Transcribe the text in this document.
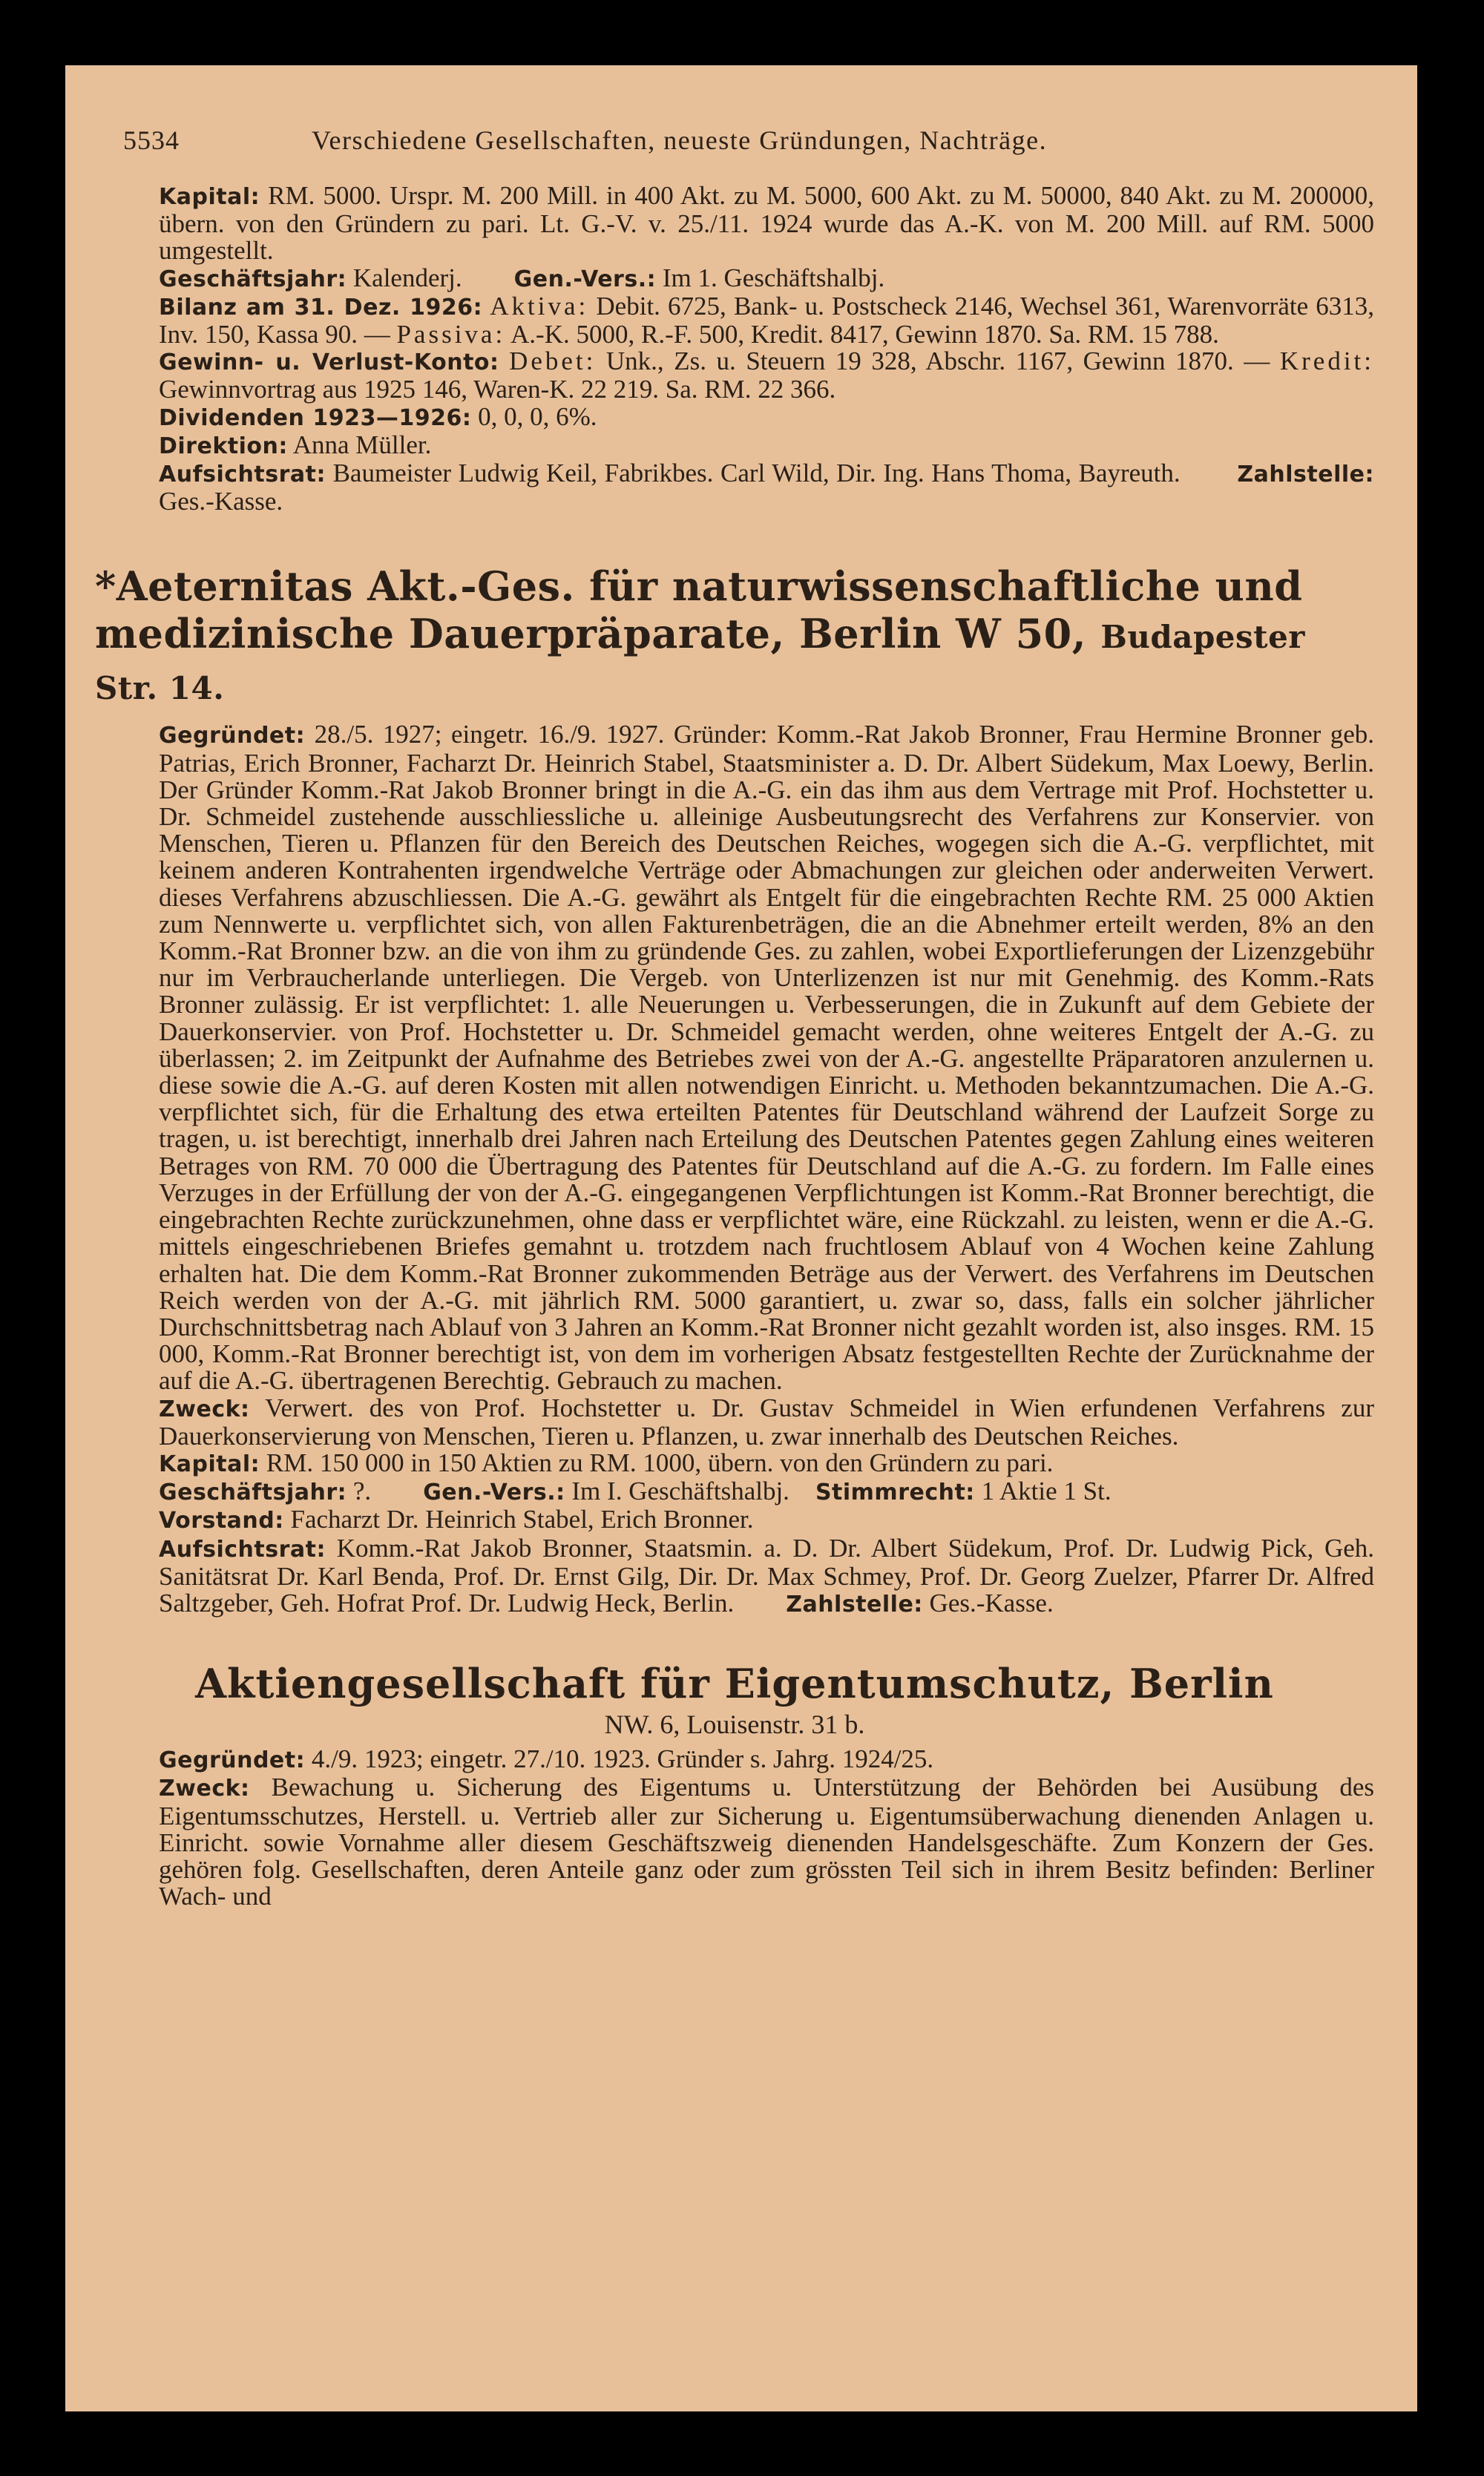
5534	Verschiedene Gesellschaften, neueste Gründungen, Nachträge.

Kapital: RM. 5000. Urspr. M. 200 Mill. in 400 Akt. zu M. 5000, 600 Akt. zu M. 50000, 840 Akt. zu M. 200000, übern. von den Gründern zu pari. Lt. G.-V. v. 25./11. 1924 wurde das A.-K. von M. 200 Mill. auf RM. 5000 umgestellt.

Geschäftsjahr: Kalenderj. Gen.-Vers.: Im 1. Geschäftshalbj.

Bilanz am 31. Dez. 1926: Aktiva: Debit. 6725, Bank- u. Postscheck 2146, Wechsel 361, Warenvorräte 6313, Inv. 150, Kassa 90. — Passiva: A.-K. 5000, R.-F. 500, Kredit. 8417, Gewinn 1870. Sa. RM. 15 788.

Gewinn- u. Verlust-Konto: Debet: Unk., Zs. u. Steuern 19 328, Abschr. 1167, Gewinn 1870. — Kredit: Gewinnvortrag aus 1925 146, Waren-K. 22 219. Sa. RM. 22 366.

Dividenden 1923—1926: 0, 0, 0, 6%.

Direktion: Anna Müller.

Aufsichtsrat: Baumeister Ludwig Keil, Fabrikbes. Carl Wild, Dir. Ing. Hans Thoma, Bayreuth.	Zahlstelle: Ges.-Kasse.

*Aeternitas Akt.-Ges. für naturwissenschaftliche und medizinische Dauerpräparate, Berlin W 50, Budapester Str. 14.

Gegründet: 28./5. 1927; eingetr. 16./9. 1927. Gründer: Komm.-Rat Jakob Bronner, Frau Hermine Bronner geb. Patrias, Erich Bronner, Facharzt Dr. Heinrich Stabel, Staatsminister a. D. Dr. Albert Südekum, Max Loewy, Berlin. Der Gründer Komm.-Rat Jakob Bronner bringt in die A.-G. ein das ihm aus dem Vertrage mit Prof. Hochstetter u. Dr. Schmeidel zustehende ausschliessliche u. alleinige Ausbeutungsrecht des Verfahrens zur Konservier. von Menschen, Tieren u. Pflanzen für den Bereich des Deutschen Reiches, wogegen sich die A.-G. verpflichtet, mit keinem anderen Kontrahenten irgendwelche Verträge oder Abmachungen zur gleichen oder anderweiten Verwert. dieses Verfahrens abzuschliessen. Die A.-G. gewährt als Entgelt für die eingebrachten Rechte RM. 25 000 Aktien zum Nennwerte u. verpflichtet sich, von allen Fakturenbeträgen, die an die Abnehmer erteilt werden, 8% an den Komm.-Rat Bronner bzw. an die von ihm zu gründende Ges. zu zahlen, wobei Exportlieferungen der Lizenzgebühr nur im Verbraucherlande unterliegen. Die Vergeb. von Unterlizenzen ist nur mit Genehmig. des Komm.-Rats Bronner zulässig. Er ist verpflichtet: 1. alle Neuerungen u. Verbesserungen, die in Zukunft auf dem Gebiete der Dauerkonservier. von Prof. Hochstetter u. Dr. Schmeidel gemacht werden, ohne weiteres Entgelt der A.-G. zu überlassen; 2. im Zeitpunkt der Aufnahme des Betriebes zwei von der A.-G. angestellte Präparatoren anzulernen u. diese sowie die A.-G. auf deren Kosten mit allen notwendigen Einricht. u. Methoden bekanntzumachen. Die A.-G. verpflichtet sich, für die Erhaltung des etwa erteilten Patentes für Deutschland während der Laufzeit Sorge zu tragen, u. ist berechtigt, innerhalb drei Jahren nach Erteilung des Deutschen Patentes gegen Zahlung eines weiteren Betrages von RM. 70 000 die Übertragung des Patentes für Deutschland auf die A.-G. zu fordern. Im Falle eines Verzuges in der Erfüllung der von der A.-G. eingegangenen Verpflichtungen ist Komm.-Rat Bronner berechtigt, die eingebrachten Rechte zurückzunehmen, ohne dass er verpflichtet wäre, eine Rückzahl. zu leisten, wenn er die A.-G. mittels eingeschriebenen Briefes gemahnt u. trotzdem nach fruchtlosem Ablauf von 4 Wochen keine Zahlung erhalten hat. Die dem Komm.-Rat Bronner zukommenden Beträge aus der Verwert. des Verfahrens im Deutschen Reich werden von der A.-G. mit jährlich RM. 5000 garantiert, u. zwar so, dass, falls ein solcher jährlicher Durchschnittsbetrag nach Ablauf von 3 Jahren an Komm.-Rat Bronner nicht gezahlt worden ist, also insges. RM. 15 000, Komm.-Rat Bronner berechtigt ist, von dem im vorherigen Absatz festgestellten Rechte der Zurücknahme der auf die A.-G. übertragenen Berechtig. Gebrauch zu machen.

Zweck: Verwert. des von Prof. Hochstetter u. Dr. Gustav Schmeidel in Wien erfundenen Verfahrens zur Dauerkonservierung von Menschen, Tieren u. Pflanzen, u. zwar innerhalb des Deutschen Reiches.

Kapital: RM. 150 000 in 150 Aktien zu RM. 1000, übern. von den Gründern zu pari.

Geschäftsjahr: ?. Gen.-Vers.: Im I. Geschäftshalbj. Stimmrecht: 1 Aktie 1 St.

Vorstand: Facharzt Dr. Heinrich Stabel, Erich Bronner.

Aufsichtsrat: Komm.-Rat Jakob Bronner, Staatsmin. a. D. Dr. Albert Südekum, Prof. Dr. Ludwig Pick, Geh. Sanitätsrat Dr. Karl Benda, Prof. Dr. Ernst Gilg, Dir. Dr. Max Schmey, Prof. Dr. Georg Zuelzer, Pfarrer Dr. Alfred Saltzgeber, Geh. Hofrat Prof. Dr. Ludwig Heck, Berlin. Zahlstelle: Ges.-Kasse.

Aktiengesellschaft für Eigentumschutz, Berlin
NW. 6, Louisenstr. 31 b.

Gegründet: 4./9. 1923; eingetr. 27./10. 1923. Gründer s. Jahrg. 1924/25.

Zweck: Bewachung u. Sicherung des Eigentums u. Unterstützung der Behörden bei Ausübung des Eigentumsschutzes, Herstell. u. Vertrieb aller zur Sicherung u. Eigentumsüberwachung dienenden Anlagen u. Einricht. sowie Vornahme aller diesem Geschäftszweig dienenden Handelsgeschäfte. Zum Konzern der Ges. gehören folg. Gesellschaften, deren Anteile ganz oder zum grössten Teil sich in ihrem Besitz befinden: Berliner Wach- und
